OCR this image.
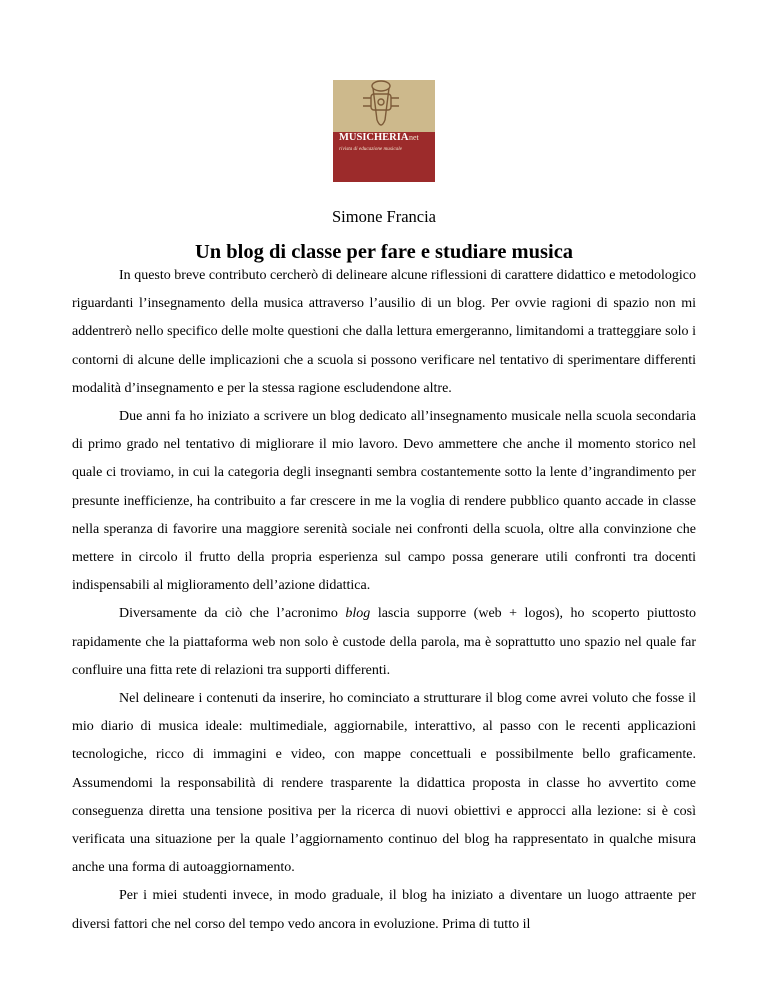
MUSICHERIA
.net
rivista di educazione musicale
Simone Francia
Un blog di classe per fare e studiare musica

In questo breve contributo cercherò di delineare alcune riflessioni di carattere didattico e metodologico riguardanti l’insegnamento della musica attraverso l’ausilio di un blog. Per ovvie ragioni di spazio non mi addentrerò nello specifico delle molte questioni che dalla lettura emergeranno, limitandomi a tratteggiare solo i contorni di alcune delle implicazioni che a scuola si possono verificare nel tentativo di sperimentare differenti modalità d’insegnamento e per la stessa ragione escludendone altre.

Due anni fa ho iniziato a scrivere un blog dedicato all’insegnamento musicale nella scuola secondaria di primo grado nel tentativo di migliorare il mio lavoro. Devo ammettere che anche il momento storico nel quale ci troviamo, in cui la categoria degli insegnanti sembra costantemente sotto la lente d’ingrandimento per presunte inefficienze, ha contribuito a far crescere in me la voglia di rendere pubblico quanto accade in classe nella speranza di favorire una maggiore serenità sociale nei confronti della scuola, oltre alla convinzione che mettere in circolo il frutto della propria esperienza sul campo possa generare utili confronti tra docenti indispensabili al miglioramento dell’azione didattica.

Diversamente da ciò che l’acronimo blog lascia supporre (web + logos), ho scoperto piuttosto rapidamente che la piattaforma web non solo è custode della parola, ma è soprattutto uno spazio nel quale far confluire una fitta rete di relazioni tra supporti differenti.

Nel delineare i contenuti da inserire, ho cominciato a strutturare il blog come avrei voluto che fosse il mio diario di musica ideale: multimediale, aggiornabile, interattivo, al passo con le recenti applicazioni tecnologiche, ricco di immagini e video, con mappe concettuali e possibilmente bello graficamente. Assumendomi la responsabilità di rendere trasparente la didattica proposta in classe ho avvertito come conseguenza diretta una tensione positiva per la ricerca di nuovi obiettivi e approcci alla lezione: si è così verificata una situazione per la quale l’aggiornamento continuo del blog ha rappresentato in qualche misura anche una forma di autoaggiornamento.

Per i miei studenti invece, in modo graduale, il blog ha iniziato a diventare un luogo attraente per diversi fattori che nel corso del tempo vedo ancora in evoluzione. Prima di tutto il
